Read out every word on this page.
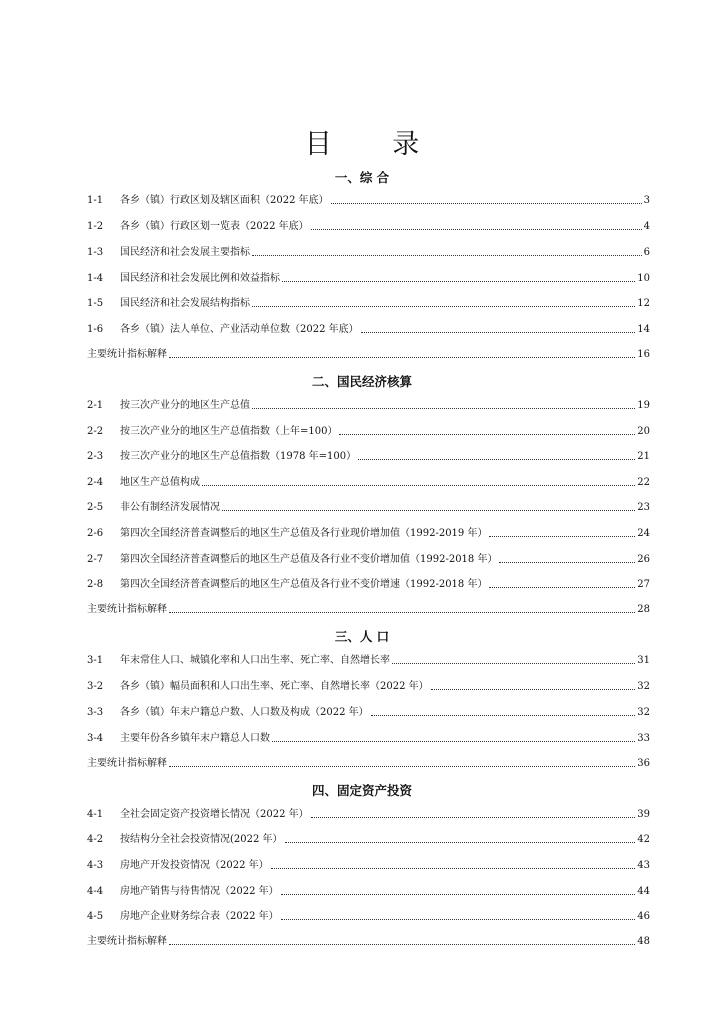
目 录
一、综 合
1-1	各乡（镇）行政区划及辖区面积（2022 年底）	3
1-2	各乡（镇）行政区划一览表（2022 年底）	4
1-3	国民经济和社会发展主要指标	6
1-4	国民经济和社会发展比例和效益指标	10
1-5	国民经济和社会发展结构指标	12
1-6	各乡（镇）法人单位、产业活动单位数（2022 年底）	14
主要统计指标解释	16
二、国民经济核算
2-1	按三次产业分的地区生产总值	19
2-2	按三次产业分的地区生产总值指数（上年=100）	20
2-3	按三次产业分的地区生产总值指数（1978 年=100）	21
2-4	地区生产总值构成	22
2-5	非公有制经济发展情况	23
2-6	第四次全国经济普查调整后的地区生产总值及各行业现价增加值（1992-2019 年）	24
2-7	第四次全国经济普查调整后的地区生产总值及各行业不变价增加值（1992-2018 年）	26
2-8	第四次全国经济普查调整后的地区生产总值及各行业不变价增速（1992-2018 年）	27
主要统计指标解释	28
三、人 口
3-1	年末常住人口、城镇化率和人口出生率、死亡率、自然增长率	31
3-2	各乡（镇）幅员面积和人口出生率、死亡率、自然增长率（2022 年）	32
3-3	各乡（镇）年末户籍总户数、人口数及构成（2022 年）	32
3-4	主要年份各乡镇年末户籍总人口数	33
主要统计指标解释	36
四、固定资产投资
4-1	全社会固定资产投资增长情况（2022 年）	39
4-2	按结构分全社会投资情况(2022 年）	42
4-3	房地产开发投资情况（2022 年）	43
4-4	房地产销售与待售情况（2022 年）	44
4-5	房地产企业财务综合表（2022 年）	46
主要统计指标解释	48
